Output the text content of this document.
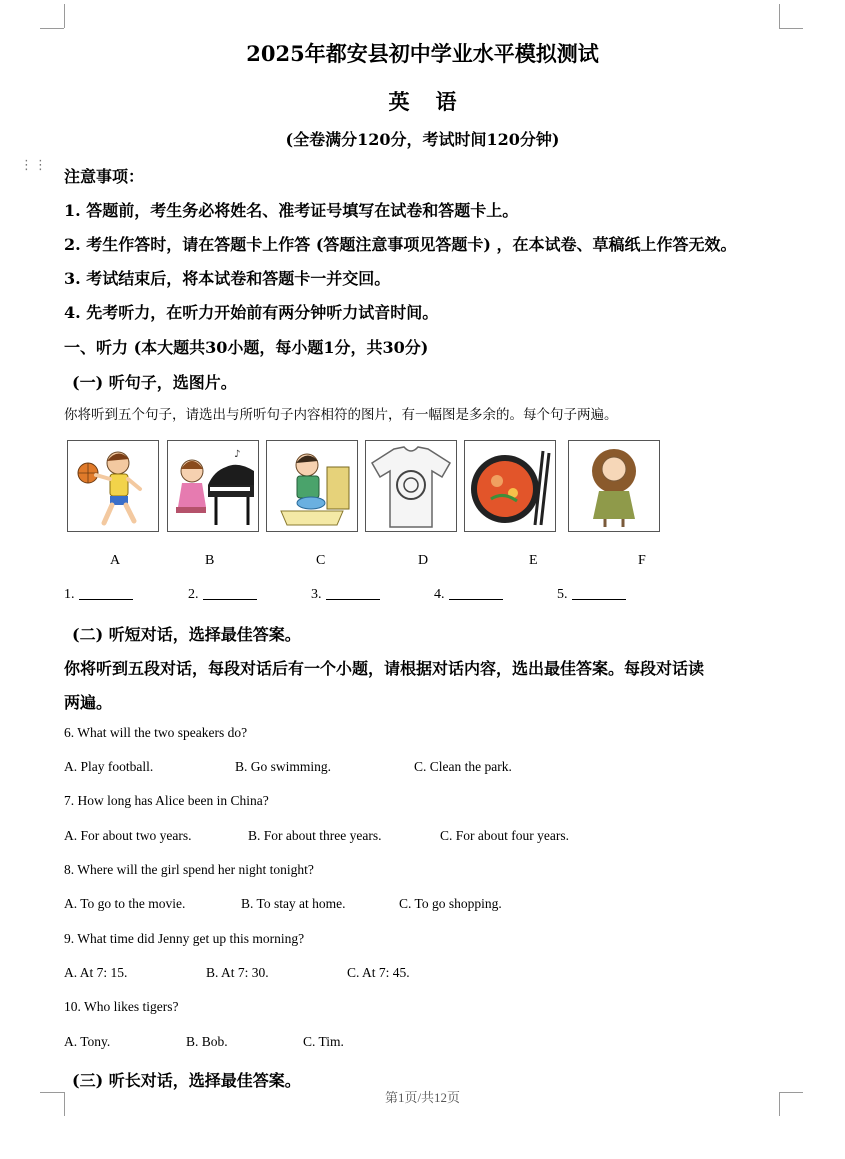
⋮⋮
2025年都安县初中学业水平模拟测试
英语
(全卷满分120分，考试时间120分钟)
注意事项：
1. 答题前，考生务必将姓名、准考证号填写在试卷和答题卡上。
2. 考生作答时，请在答题卡上作答 (答题注意事项见答题卡) ，在本试卷、草稿纸上作答无效。
3. 考试结束后，将本试卷和答题卡一并交回。
4. 先考听力，在听力开始前有两分钟听力试音时间。
一、听力 (本大题共30小题，每小题1分，共30分)
(一) 听句子，选图片。
你将听到五个句子，请选出与所听句子内容相符的图片，有一幅图是多余的。每个句子两遍。
♪
A	B	C	D	E	F
1.	2.	3.	4.	5.
(二) 听短对话，选择最佳答案。
你将听到五段对话，每段对话后有一个小题，请根据对话内容，选出最佳答案。每段对话读
两遍。
6. What will the two speakers do?
A. Play football.	B. Go swimming.	C. Clean the park.
7. How long has Alice been in China?
A. For about two years.	B. For about three years.	C. For about four years.
8. Where will the girl spend her night tonight?
A. To go to the movie.	B. To stay at home.	C. To go shopping.
9. What time did Jenny get up this morning?
A. At 7: 15.	B. At 7: 30.	C. At 7: 45.
10. Who likes tigers?
A. Tony.	B. Bob.	C. Tim.
(三) 听长对话，选择最佳答案。
第1页/共12页
